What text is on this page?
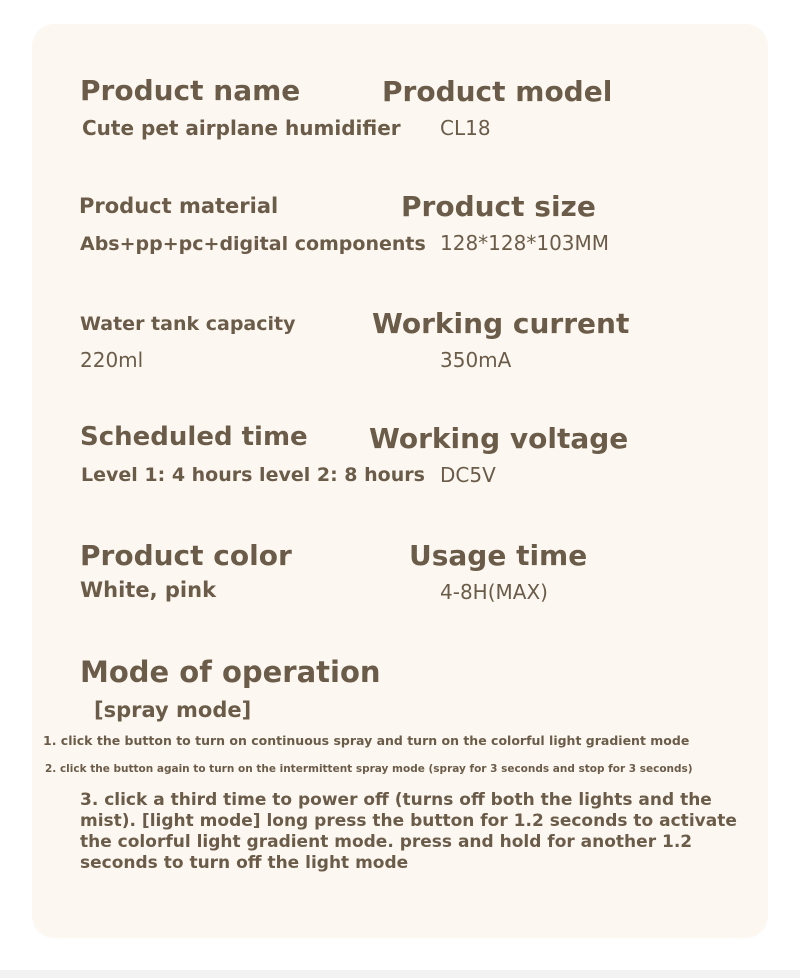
Product name
Cute pet airplane humidifier
Product model
CL18
Product material
Abs+pp+pc+digital components
Product size
128*128*103MM
Water tank capacity
220ml
Working current
350mA
Scheduled time
Level 1: 4 hours level 2: 8 hours
Working voltage
DC5V
Product color
White, pink
Usage time
4-8H(MAX)
Mode of operation
[spray mode]
1. click the button to turn on continuous spray and turn on the colorful light gradient mode
2. click the button again to turn on the intermittent spray mode (spray for 3 seconds and stop for 3 seconds)

3. click a third time to power off (turns off both the lights and the mist). [light mode] long press the button for 1.2 seconds to activate the colorful light gradient mode. press and hold for another 1.2 seconds to turn off the light mode
